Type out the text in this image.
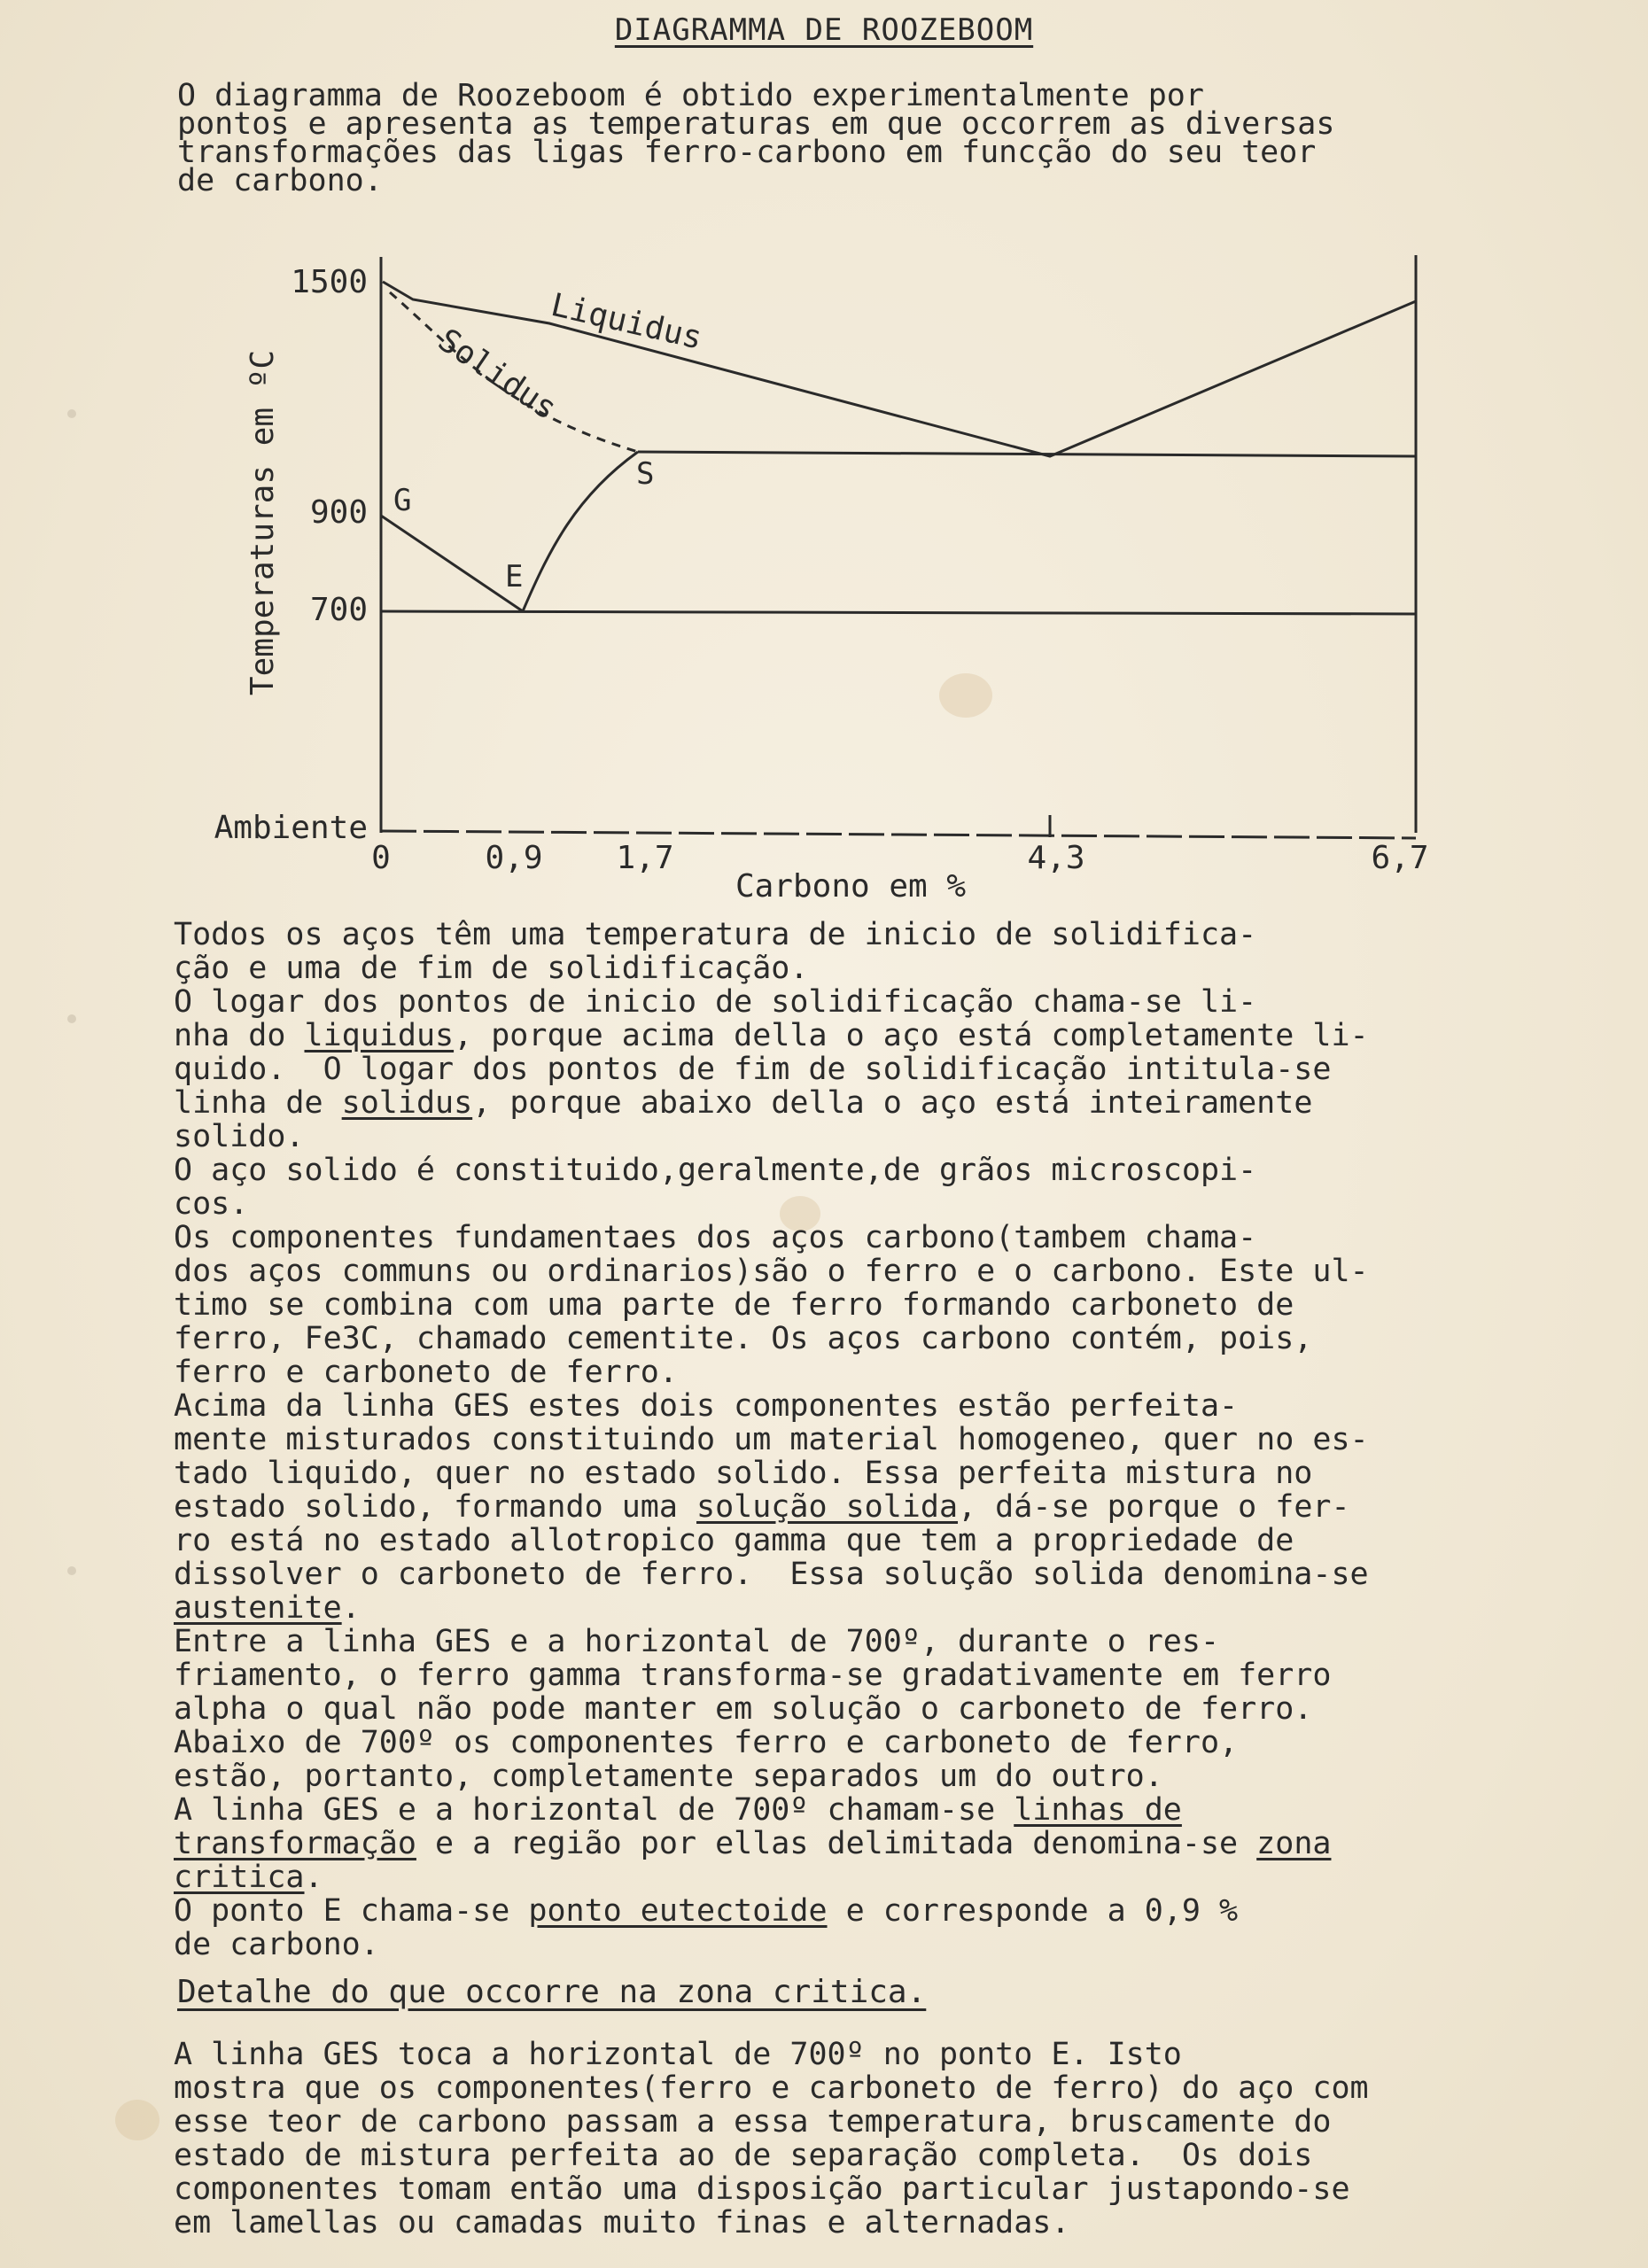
DIAGRAMMA DE ROOZEBOOM

O diagramma de Roozeboom é obtido experimentalmente por
pontos e apresenta as temperaturas em que occorrem as diversas
transformações das ligas ferro-carbono em funcção do seu teor
de carbono.

1500
900
700
Ambiente
0	0,9 1,7	4,3	6,7
Carbono em %
Temperaturas em ºC
Liquidus
Solidus
G
E
S

Todos os aços têm uma temperatura de inicio de solidifica-
ção e uma de fim de solidificação.
O logar dos pontos de inicio de solidificação chama-se li-
nha do liquidus, porque acima della o aço está completamente li-
quido.  O logar dos pontos de fim de solidificação intitula-se
linha de solidus, porque abaixo della o aço está inteiramente
solido.
O aço solido é constituido,geralmente,de grãos microscopi-
cos.
Os componentes fundamentaes dos aços carbono(tambem chama-
dos aços communs ou ordinarios)são o ferro e o carbono. Este ul-
timo se combina com uma parte de ferro formando carboneto de
ferro, Fe3C, chamado cementite. Os aços carbono contém, pois,
ferro e carboneto de ferro.
Acima da linha GES estes dois componentes estão perfeita-
mente misturados constituindo um material homogeneo, quer no es-
tado liquido, quer no estado solido. Essa perfeita mistura no
estado solido, formando uma solução solida, dá-se porque o fer-
ro está no estado allotropico gamma que tem a propriedade de
dissolver o carboneto de ferro.  Essa solução solida denomina-se
austenite.
Entre a linha GES e a horizontal de 700º, durante o res-
friamento, o ferro gamma transforma-se gradativamente em ferro
alpha o qual não pode manter em solução o carboneto de ferro.
Abaixo de 700º os componentes ferro e carboneto de ferro,
estão, portanto, completamente separados um do outro.
A linha GES e a horizontal de 700º chamam-se linhas de
transformação e a região por ellas delimitada denomina-se zona
critica.
O ponto E chama-se ponto eutectoide e corresponde a 0,9 %
de carbono.

Detalhe do que occorre na zona critica.

A linha GES toca a horizontal de 700º no ponto E. Isto
mostra que os componentes(ferro e carboneto de ferro) do aço com
esse teor de carbono passam a essa temperatura, bruscamente do
estado de mistura perfeita ao de separação completa.  Os dois
componentes tomam então uma disposição particular justapondo-se
em lamellas ou camadas muito finas e alternadas.
